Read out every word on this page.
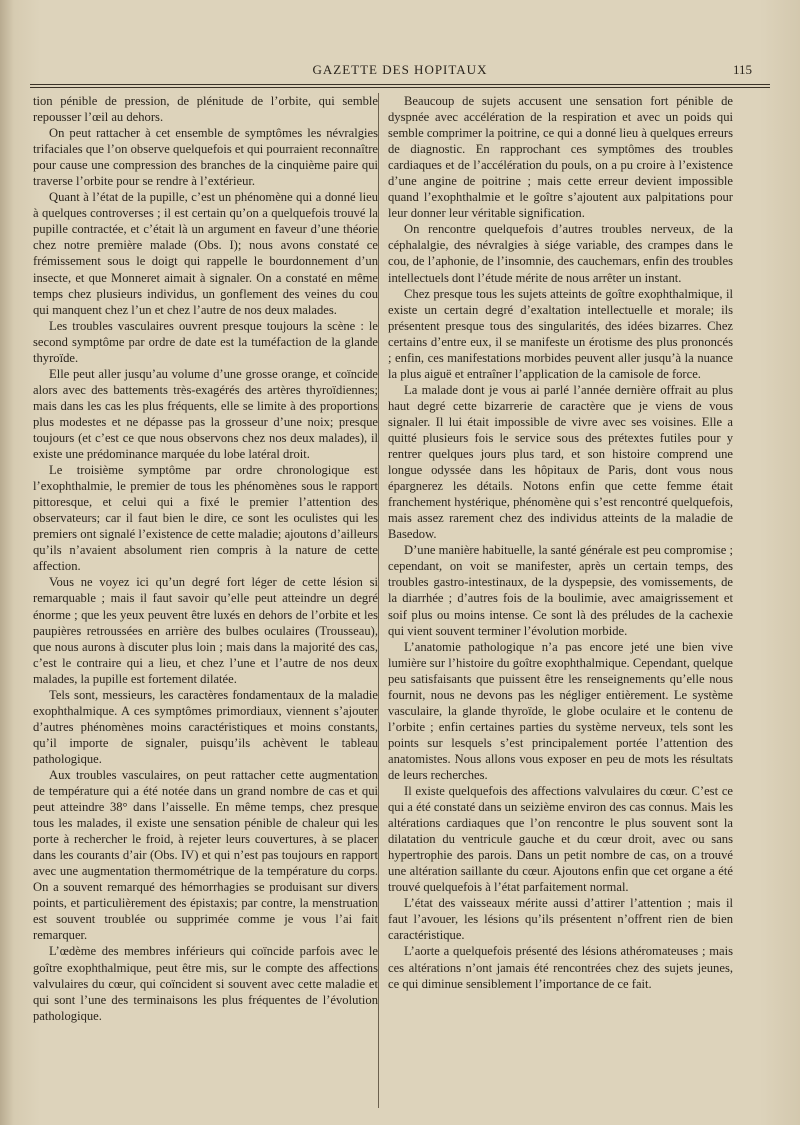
GAZETTE DES HOPITAUX	115

tion pénible de pression, de plénitude de l’orbite, qui semble repousser l’œil au dehors.

On peut rattacher à cet ensemble de symptômes les névralgies trifaciales que l’on observe quelquefois et qui pourraient reconnaître pour cause une compression des branches de la cinquième paire qui traverse l’orbite pour se rendre à l’extérieur.

Quant à l’état de la pupille, c’est un phénomène qui a donné lieu à quelques controverses ; il est certain qu’on a quelquefois trouvé la pupille contractée, et c’était là un argument en faveur d’une théorie chez notre première malade (Obs. I); nous avons constaté ce frémissement sous le doigt qui rappelle le bourdonnement d’un insecte, et que Monneret aimait à signaler. On a constaté en même temps chez plusieurs individus, un gonflement des veines du cou qui manquent chez l’un et chez l’autre de nos deux malades.

Les troubles vasculaires ouvrent presque toujours la scène : le second symptôme par ordre de date est la tuméfaction de la glande thyroïde.

Elle peut aller jusqu’au volume d’une grosse orange, et coïncide alors avec des battements très-exagérés des artères thyroïdiennes; mais dans les cas les plus fréquents, elle se limite à des proportions plus modestes et ne dépasse pas la grosseur d’une noix; presque toujours (et c’est ce que nous observons chez nos deux malades), il existe une prédominance marquée du lobe latéral droit.

Le troisième symptôme par ordre chronologique est l’exophthalmie, le premier de tous les phénomènes sous le rapport pittoresque, et celui qui a fixé le premier l’attention des observateurs; car il faut bien le dire, ce sont les oculistes qui les premiers ont signalé l’existence de cette maladie; ajoutons d’ailleurs qu’ils n’avaient absolument rien compris à la nature de cette affection.

Vous ne voyez ici qu’un degré fort léger de cette lésion si remarquable ; mais il faut savoir qu’elle peut atteindre un degré énorme ; que les yeux peuvent être luxés en dehors de l’orbite et les paupières retroussées en arrière des bulbes oculaires (Trousseau), que nous aurons à discuter plus loin ; mais dans la majorité des cas, c’est le contraire qui a lieu, et chez l’une et l’autre de nos deux malades, la pupille est fortement dilatée.

Tels sont, messieurs, les caractères fondamentaux de la maladie exophthalmique. A ces symptômes primordiaux, viennent s’ajouter d’autres phénomènes moins caractéristiques et moins constants, qu’il importe de signaler, puisqu’ils achèvent le tableau pathologique.

Aux troubles vasculaires, on peut rattacher cette augmentation de température qui a été notée dans un grand nombre de cas et qui peut atteindre 38° dans l’aisselle. En même temps, chez presque tous les malades, il existe une sensation pénible de chaleur qui les porte à rechercher le froid, à rejeter leurs couvertures, à se placer dans les courants d’air (Obs. IV) et qui n’est pas toujours en rapport avec une augmentation thermométrique de la température du corps. On a souvent remarqué des hémorrhagies se produisant sur divers points, et particulièrement des épistaxis; par contre, la menstruation est souvent troublée ou supprimée comme je vous l’ai fait remarquer.

L’œdème des membres inférieurs qui coïncide parfois avec le goître exophthalmique, peut être mis, sur le compte des affections valvulaires du cœur, qui coïncident si souvent avec cette maladie et qui sont l’une des terminaisons les plus fréquentes de l’évolution pathologique.

Beaucoup de sujets accusent une sensation fort pénible de dyspnée avec accélération de la respiration et avec un poids qui semble comprimer la poitrine, ce qui a donné lieu à quelques erreurs de diagnostic. En rapprochant ces symptômes des troubles cardiaques et de l’accélération du pouls, on a pu croire à l’existence d’une angine de poitrine ; mais cette erreur devient impossible quand l’exophthalmie et le goître s’ajoutent aux palpitations pour leur donner leur véritable signification.

On rencontre quelquefois d’autres troubles nerveux, de la céphalalgie, des névralgies à siége variable, des crampes dans le cou, de l’aphonie, de l’insomnie, des cauchemars, enfin des troubles intellectuels dont l’étude mérite de nous arrêter un instant.

Chez presque tous les sujets atteints de goître exophthalmique, il existe un certain degré d’exaltation intellectuelle et morale; ils présentent presque tous des singularités, des idées bizarres. Chez certains d’entre eux, il se manifeste un érotisme des plus prononcés ; enfin, ces manifestations morbides peuvent aller jusqu’à la nuance la plus aiguë et entraîner l’application de la camisole de force.

La malade dont je vous ai parlé l’année dernière offrait au plus haut degré cette bizarrerie de caractère que je viens de vous signaler. Il lui était impossible de vivre avec ses voisines. Elle a quitté plusieurs fois le service sous des prétextes futiles pour y rentrer quelques jours plus tard, et son histoire comprend une longue odyssée dans les hôpitaux de Paris, dont vous nous épargnerez les détails. Notons enfin que cette femme était franchement hystérique, phénomène qui s’est rencontré quelquefois, mais assez rarement chez des individus atteints de la maladie de Basedow.

D’une manière habituelle, la santé générale est peu compromise ; cependant, on voit se manifester, après un certain temps, des troubles gastro-intestinaux, de la dyspepsie, des vomissements, de la diarrhée ; d’autres fois de la boulimie, avec amaigrissement et soif plus ou moins intense. Ce sont là des préludes de la cachexie qui vient souvent terminer l’évolution morbide.

L’anatomie pathologique n’a pas encore jeté une bien vive lumière sur l’histoire du goître exophthalmique. Cependant, quelque peu satisfaisants que puissent être les renseignements qu’elle nous fournit, nous ne devons pas les négliger entièrement. Le système vasculaire, la glande thyroïde, le globe oculaire et le contenu de l’orbite ; enfin certaines parties du système nerveux, tels sont les points sur lesquels s’est principalement portée l’attention des anatomistes. Nous allons vous exposer en peu de mots les résultats de leurs recherches.

Il existe quelquefois des affections valvulaires du cœur. C’est ce qui a été constaté dans un seizième environ des cas connus. Mais les altérations cardiaques que l’on rencontre le plus souvent sont la dilatation du ventricule gauche et du cœur droit, avec ou sans hypertrophie des parois. Dans un petit nombre de cas, on a trouvé une altération saillante du cœur. Ajoutons enfin que cet organe a été trouvé quelquefois à l’état parfaitement normal.

L’état des vaisseaux mérite aussi d’attirer l’attention ; mais il faut l’avouer, les lésions qu’ils présentent n’offrent rien de bien caractéristique.

L’aorte a quelquefois présenté des lésions athéromateuses ; mais ces altérations n’ont jamais été rencontrées chez des sujets jeunes, ce qui diminue sensiblement l’importance de ce fait.
